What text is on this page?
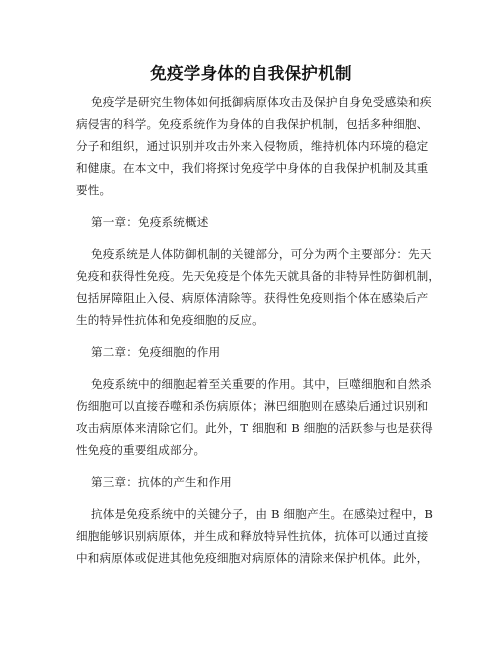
免疫学身体的自我保护机制
免疫学是研究生物体如何抵御病原体攻击及保护自身免受感染和疾
病侵害的科学。免疫系统作为身体的自我保护机制，包括多种细胞、
分子和组织，通过识别并攻击外来入侵物质，维持机体内环境的稳定
和健康。在本文中，我们将探讨免疫学中身体的自我保护机制及其重
要性。
第一章：免疫系统概述
免疫系统是人体防御机制的关键部分，可分为两个主要部分：先天
免疫和获得性免疫。先天免疫是个体先天就具备的非特异性防御机制，
包括屏障阻止入侵、病原体清除等。获得性免疫则指个体在感染后产
生的特异性抗体和免疫细胞的反应。
第二章：免疫细胞的作用
免疫系统中的细胞起着至关重要的作用。其中，巨噬细胞和自然杀
伤细胞可以直接吞噬和杀伤病原体；淋巴细胞则在感染后通过识别和
攻击病原体来清除它们。此外，T 细胞和 B 细胞的活跃参与也是获得
性免疫的重要组成部分。
第三章：抗体的产生和作用
抗体是免疫系统中的关键分子，由 B 细胞产生。在感染过程中，B
细胞能够识别病原体，并生成和释放特异性抗体，抗体可以通过直接
中和病原体或促进其他免疫细胞对病原体的清除来保护机体。此外，
